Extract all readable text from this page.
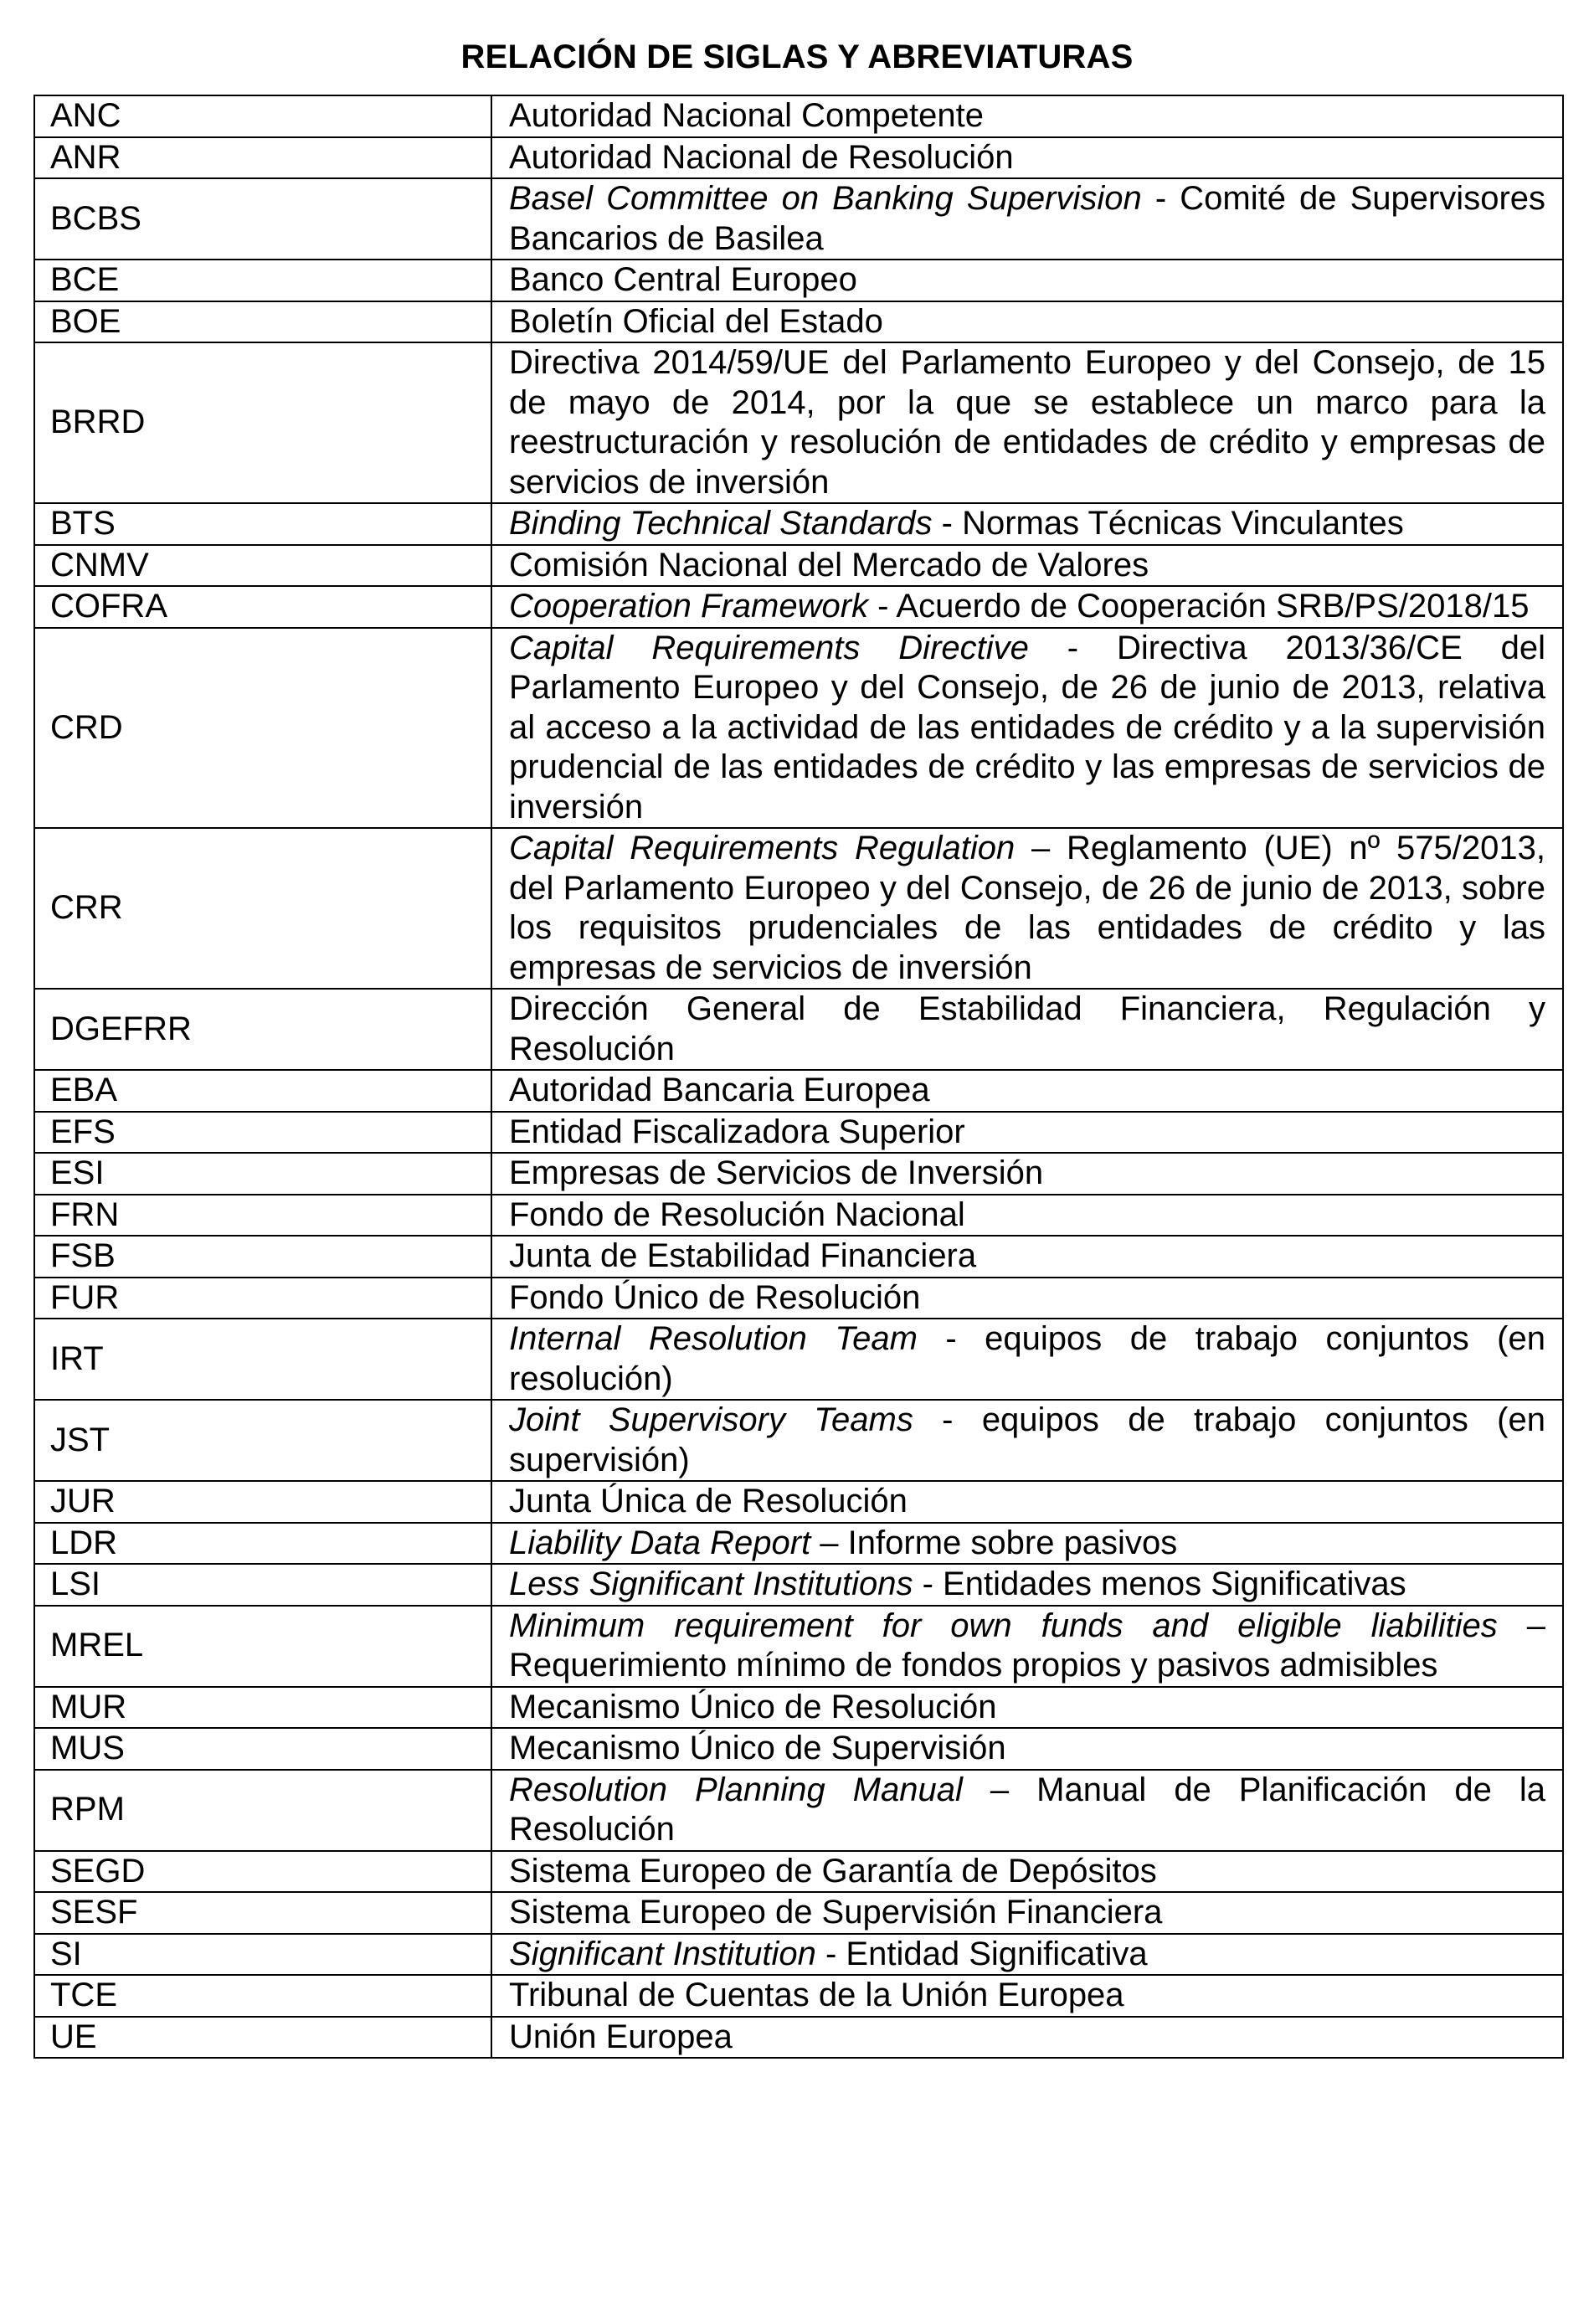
RELACIÓN DE SIGLAS Y ABREVIATURAS
ANC	Autoridad Nacional Competente
ANR	Autoridad Nacional de Resolución
BCBS	Basel Committee on Banking Supervision - Comité de Supervisores Bancarios de Basilea
BCE	Banco Central Europeo
BOE	Boletín Oficial del Estado
BRRD	Directiva 2014/59/UE del Parlamento Europeo y del Consejo, de 15 de mayo de 2014, por la que se establece un marco para la reestructuración y resolución de entidades de crédito y empresas de servicios de inversión
BTS	Binding Technical Standards - Normas Técnicas Vinculantes
CNMV	Comisión Nacional del Mercado de Valores
COFRA	Cooperation Framework - Acuerdo de Cooperación SRB/PS/2018/15
CRD	Capital Requirements Directive - Directiva 2013/36/CE del Parlamento Europeo y del Consejo, de 26 de junio de 2013, relativa al acceso a la actividad de las entidades de crédito y a la supervisión prudencial de las entidades de crédito y las empresas de servicios de inversión
CRR	Capital Requirements Regulation – Reglamento (UE) nº 575/2013, del Parlamento Europeo y del Consejo, de 26 de junio de 2013, sobre los requisitos prudenciales de las entidades de crédito y las empresas de servicios de inversión
DGEFRR	Dirección General de Estabilidad Financiera, Regulación y Resolución
EBA	Autoridad Bancaria Europea
EFS	Entidad Fiscalizadora Superior
ESI	Empresas de Servicios de Inversión
FRN	Fondo de Resolución Nacional
FSB	Junta de Estabilidad Financiera
FUR	Fondo Único de Resolución
IRT	Internal Resolution Team - equipos de trabajo conjuntos (en resolución)
JST	Joint Supervisory Teams - equipos de trabajo conjuntos (en supervisión)
JUR	Junta Única de Resolución
LDR	Liability Data Report – Informe sobre pasivos
LSI	Less Significant Institutions - Entidades menos Significativas
MREL	Minimum requirement for own funds and eligible liabilities – Requerimiento mínimo de fondos propios y pasivos admisibles
MUR	Mecanismo Único de Resolución
MUS	Mecanismo Único de Supervisión
RPM	Resolution Planning Manual – Manual de Planificación de la Resolución
SEGD	Sistema Europeo de Garantía de Depósitos
SESF	Sistema Europeo de Supervisión Financiera
SI	Significant Institution - Entidad Significativa
TCE	Tribunal de Cuentas de la Unión Europea
UE	Unión Europea
